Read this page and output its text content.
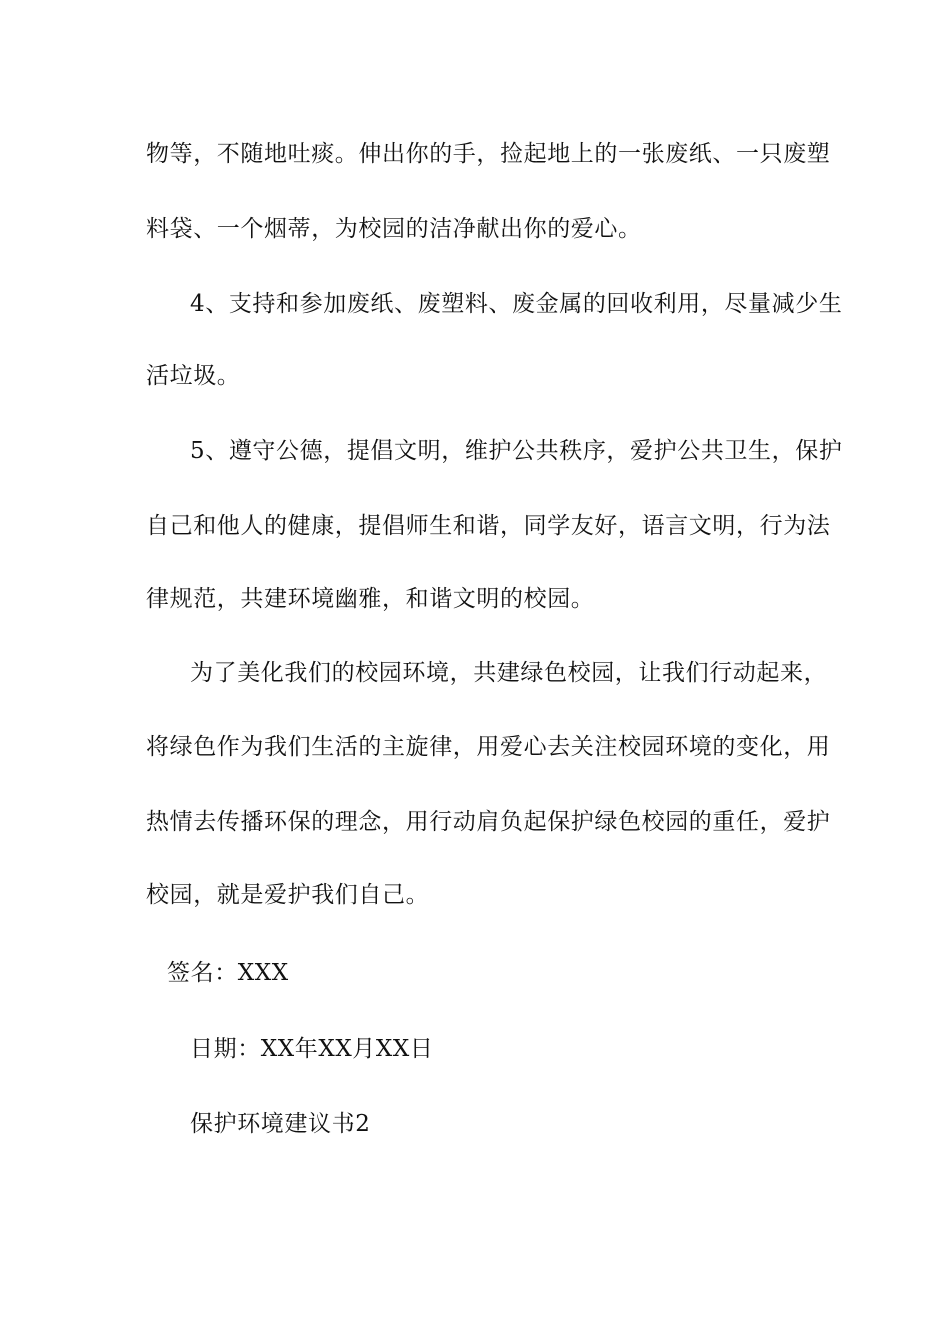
物等，不随地吐痰。伸出你的手，捡起地上的一张废纸、一只废塑
料袋、一个烟蒂，为校园的洁净献出你的爱心。
4、支持和参加废纸、废塑料、废金属的回收利用，尽量减少生
活垃圾。
5、遵守公德，提倡文明，维护公共秩序，爱护公共卫生，保护
自己和他人的健康，提倡师生和谐，同学友好，语言文明，行为法
律规范，共建环境幽雅，和谐文明的校园。
为了美化我们的校园环境，共建绿色校园，让我们行动起来，
将绿色作为我们生活的主旋律，用爱心去关注校园环境的变化，用
热情去传播环保的理念，用行动肩负起保护绿色校园的重任，爱护
校园，就是爱护我们自己。
签名：XXX
日期：XX年XX月XX日
保护环境建议书2
